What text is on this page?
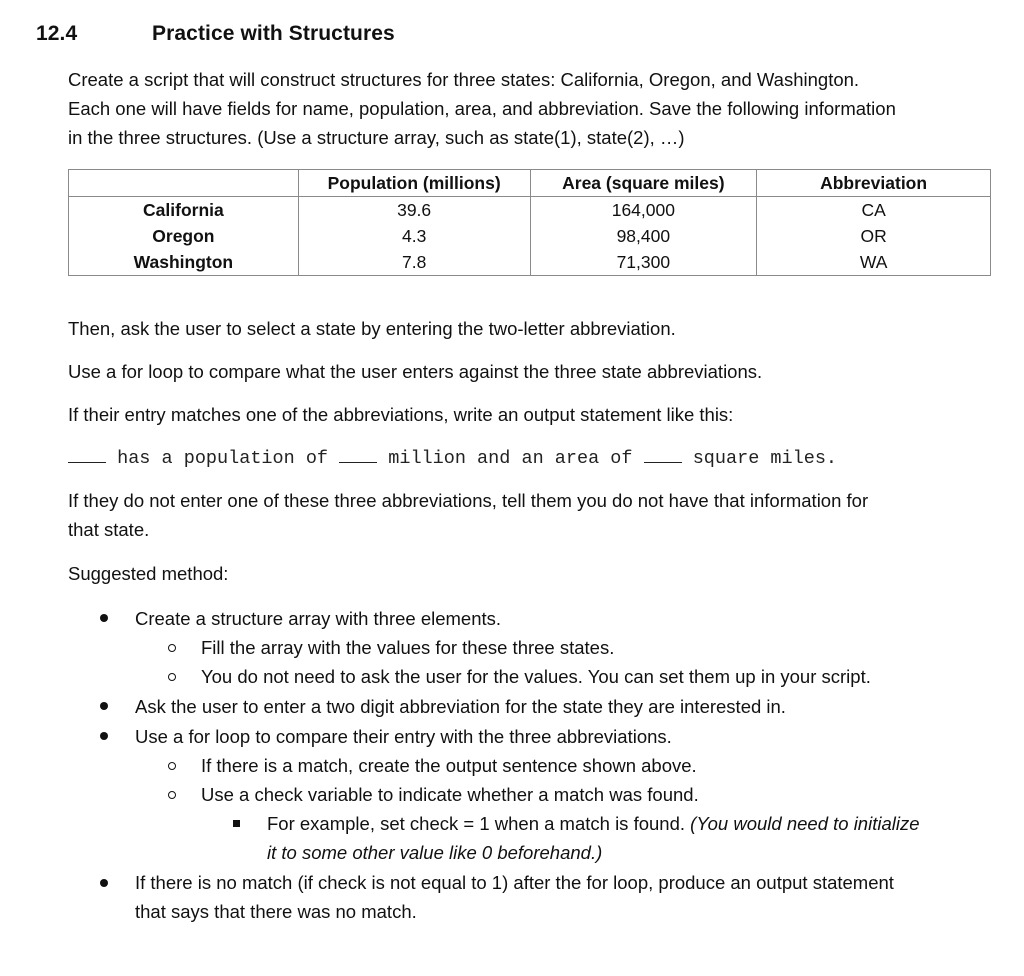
12.4	Practice with Structures

Create a script that will construct structures for three states: California, Oregon, and Washington.

Each one will have fields for name, population, area, and abbreviation. Save the following information

in the three structures. (Use a structure array, such as state(1), state(2), …)

	Population (millions)	Area (square miles)	Abbreviation
California	39.6	164,000	CA
Oregon	4.3	98,400	OR
Washington	7.8	71,300	WA

Then, ask the user to select a state by entering the two-letter abbreviation.

Use a for loop to compare what the user enters against the three state abbreviations.

If their entry matches one of the abbreviations, write an output statement like this:

has a population of  million and an area of  square miles.

If they do not enter one of these three abbreviations, tell them you do not have that information for

that state.

Suggested method:

Create a structure array with three elements.

Fill the array with the values for these three states.

You do not need to ask the user for the values. You can set them up in your script.

Ask the user to enter a two digit abbreviation for the state they are interested in.

Use a for loop to compare their entry with the three abbreviations.

If there is a match, create the output sentence shown above.

Use a check variable to indicate whether a match was found.

For example, set check = 1 when a match is found. (You would need to initialize

it to some other value like 0 beforehand.)

If there is no match (if check is not equal to 1) after the for loop, produce an output statement

that says that there was no match.
